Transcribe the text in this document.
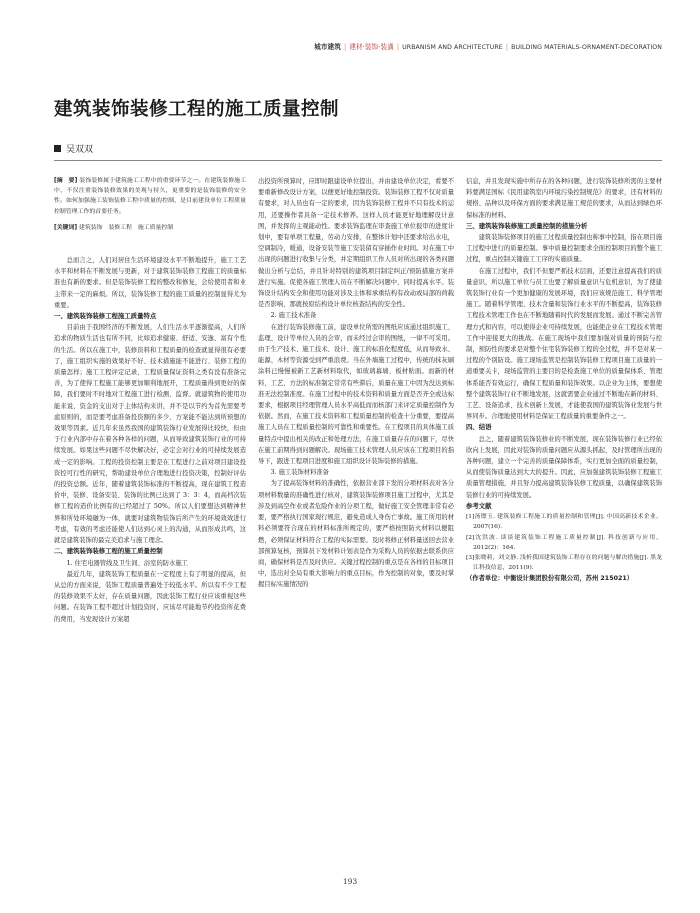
城市建筑 | 建材·装饰·装潢 | URBANISM AND ARCHITECTURE | BUILDING MATERIALS-ORNAMENT-DECORATION
建筑装饰装修工程的施工质量控制
吴双双
[摘　要] 装饰装修属于建筑施工工程中的重要环节之一。在建筑装修施工中，不仅注重装饰装修效果的美观与持久，更重要的是装饰装修的安全性。如何加强施工装饰装修工程中质量的控制，是目前建设单位工程质量控制管理工作的首要任务。
[关键词] 建筑装饰　装修工程　施工质量控制

总而言之，人们对居住生活环境建设水平不断地提升，施工工艺水平和材料在不断发展与更新，对于建筑装饰装修工程施工的质量标准也有新的要求。但是装饰装修工程的整改和修复，会给使用者和业主带来一定的麻烦。所以，装饰装修工程的施工质量的控制显得尤为重要。

一、建筑装饰装修工程施工质量特点

目前由于我国经济的不断发展，人们生活水平逐渐提高，人们所追求的物质生活也有所不同，比如追求健康、舒适、安逸、富有个性的生活。所以在施工中，装修资料和工程质量的检查就显得很有必要了，施工组织实施的效果好不好、技术措施能不能进行、装修工程的质量怎样；施工工程评定记录、工程质量保证资料之类有没有准备完善，为了使得工程施工能够更加顺利地展开，工程质量得到更好的保障，我们要时不时地对工程施工进行检测、监督。就建筑物的使用功能来说，资金的支出对于主体结构来讲，并不是以节约为首先需要考虑原则的，而是要考虑准备投资额的多少、方案能不能达到所预想的效果等因素。近几年来虽然我国的建筑装饰行业发展得比较快，但由于行业内部中存在着各种各样的问题，从而导致建筑装饰行业的可持续发展。如果这些问题不尽快解决好，必定会对行业的可持续发展造成一定的影响。工程的投资控制主要是在工程进行之前对项目建设投资控可行性的研究，帮助建设单位合理地进行投资决策，控制好评估的投资总额。近年，随着建筑装饰标准的不断提高，现在建筑工程造价中，装修、设备安装、装饰的比例已达到了 3：3：4，而高档次装修工程的造价比例有的已经超过了 50%。所以人们要想达到精神世界和所处环境融为一体，就要对建筑物装饰后所产生的环境效效进行考虑，有效的考虑还能使人们达到心灵上的沟通，从而形成共鸣，这就是建筑装饰的最完美追求与施工理念。

二、建筑装饰装修工程的施工质量控制
1. 住宅电器管线及卫生间、浴室的防水施工

最近几年，建筑装饰工程质量在一定程度上有了明显的提高，但从总的方面来说，装饰工程质量普遍处于较低水平。所以有不少工程的装修效果不太好，存在质量问题，因此装饰工程行业应该重视这些问题。在装饰工程不超过计划投资时，应该尽可能地节约投资所花费的费用，当发现设计方案超

出投资所预算时，应即时跟建设单位提出，并由建设单位决定，看要不要重新修改设计方案，以便更好地控制投资。装饰装修工程不仅对质量有要求，对人员也有一定的要求，因为装饰装修工程并不只有技术的运用，还要操作者具备一定技术修养。这样人员才能更好地理解设计意图，并发挥的主观能动性。要求装饰监理在审查施工单位报审的进度计划中，要有单项工程量，劳动力安排，在整体计划中还要求给出水电，空调制冷，暖通，设备安装等施工安装留有穿插作业时间。对在施工中出现的问题进行收集与分类，并定期组织工作人员对所出现的各类问题做出分析与总结，并且针对特别的建筑项目制定纠正/预防措施方案并进行实施。促使各施工管理人员在不断解决问题中，同时提高水平。装饰设计结构安全和使用功能对涉及主体和承重结构有改动或局部的荷载是否影响，那就按原结构设计单位核查结构的安全性。

2. 施工技术准备

在进行装饰装修施工前，建设单位所需的图纸应该通过组织施工、监理、设计等单位人员的会审，而未经过会审的图纸，一律不可采用。由于生产技术、施工技术、设计、施工的标准化程度低，从而导致水、能源、木材等资源受到严重浪费。当在外墙施工过程中，传统的抹灰刷涂料已慢慢被新工艺新材料取代，如玻璃幕墙、板材贴面。而新的材料、工艺、方法的标准制定常常有些滞后，质量在施工中因为没达到标准无法控制准度。在施工过程中的技术资料和质量方面是否齐全或达标要求，根据项目经理管理人员水平高低而而核部门来评定质量控制作为依据。然而，在施工技术资料和工程质量控制的检查十分重要，要提高施工人员在工程质量控制的可靠性和重要性。在工程项目的具体施工质量特点中提出相关的改正和处理方法，在施工质量存在的问题下，尽快在施工前期得到问题解决。现场施工技术管理人员应该在工程项目的指导下，跟进工程项目进度和施工组织设计装饰装修的措施。

3. 施工装饰材料准备

为了提高装饰材料的准确性，依据营业部下发的分项材料表对各分项材料数量的准确性进行核对，建筑装饰装修项目施工过程中，尤其是涉及到高空作业或者危险作业的分项工程，做好施工安全管理非常有必要，要严格执行国家现行规范，避免造成人身伤亡事故。施工所用的材料必须要符合现在的材料标准所规定的，要严格按照防火材料以便阻燃，必须保证材料符合工程的实际需要。及时将修正材料量送回去营业部预算复核，预算员下发材料计划表是作为采购人员的依据去联系供应商，确保材料是否及时供应。关键过程控制的重点是在各样的目标项目中，选出对全局有重大影响力的重点目标，作为控制的对象，要及时掌握目标实施情况的

信息，并且发现实施中所存在的各种问题，进行装饰装修所需的主要材料要满足国标《民用建筑室内环境污染控制规范》的要求，还有材料的规格、品种以及环保方面的要求满足施工规范的要求，从而达到绿色环保标准的材料。

三、建筑装饰装修施工质量控制的措施分析

建筑装饰装修项目的施工过程质量控制也称事中控制，指在项目施工过程中进行的质量控制。事中质量控制要求全面控制项目的整个施工过程，重点控制关键施工工序的实施质量。

在施工过程中，我们不但要严抓技术层面，还要注意提高我们的质量意识，所以施工单位与员工也要了解质量意识与危机意识，为了使建筑装饰行业有一个更加健康的发展环境，我们应该规范施工、科学管理施工。随着科学管理、技术含量和装饰行业水平的不断提高，装饰装修工程技术管理工作也在不断地随着时代的发展而发展。通过不断完善管理方式和内容，可以使得企业可持续发展，也能使企业在工程技术管理工作中迎接更大的挑战。在施工现场中我们要加强对质量的预防与控制，预防性的要求是对整个住宅装饰装修工程的全过程，并不是对某一过程的个别防设。施工现场监管是控制装饰装修工程项目施工质量的一道重要关卡，现场监管的主要目的是检查施工单位的质量保体系、管理体系能否有效运行，确保工程质量和装饰效果。以企业为主体，要想使整个建筑装饰行业不断地发展，这就需要企业通过不断地在新的材料、工艺、设备追求、技术创新上发展，才能使我国的建筑装饰业发展与世界同步。合理地使用材料是保证工程质量的重要条件之一。

四、结语

总之，随着建筑装饰装修业的不断发展，现在装饰装修行业已经依欣向上发展，因此对装饰的质量问题应从源头抓起，及时管理所出现的各种问题，建立一个完善的质量保障体系，实行更加全面的质量控制，从而使装饰质量达到大大的提升。因此，应加强建筑装饰装修工程施工质量管理措施，并且努力提高建筑装饰装修工程质量，以确保建筑装饰装修行业的可持续发展。

参考文献
[1]汤镖玉. 建筑装修工程施工的质量控制和管理[J]. 中国高新技术企业，2007(16).
[2]沈洪波. 谈谈建筑装饰工程施工质量控制[J]. 科技创新与应用，2012(2)：164.
[3]张晓莉，刘文静. 浅析我国建筑装饰工程存在的问题与解决措施[J]. 黑龙江科技信息，2011(9).
（作者单位：中衡设计集团股份有限公司，苏州 215021）
193
